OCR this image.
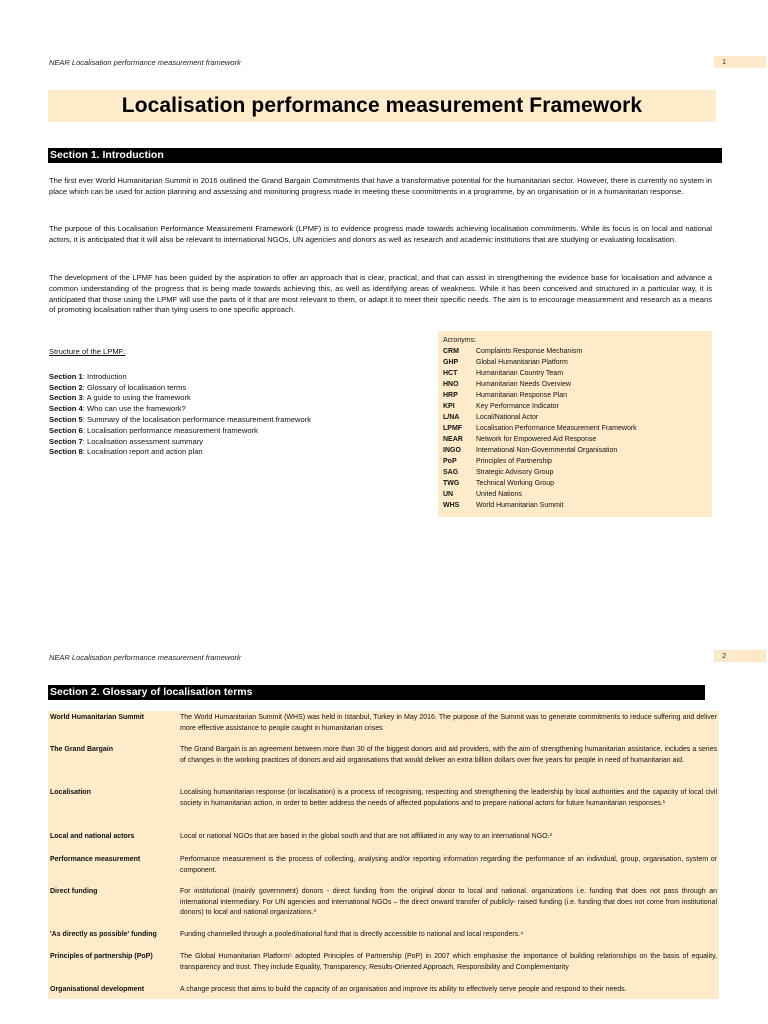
NEAR Localisation performance measurement framework	1
Localisation performance measurement Framework
Section 1. Introduction

The first ever World Humanitarian Summit in 2016 outlined the Grand Bargain Commitments that have a transformative potential for the humanitarian sector. However, there is currently no system in place which can be used for action planning and assessing and monitoring progress made in meeting these commitments in a programme, by an organisation or in a humanitarian response.

The purpose of this Localisation Performance Measurement Framework (LPMF) is to evidence progress made towards achieving localisation commitments. While its focus is on local and national actors, it is anticipated that it will also be relevant to international NGOs, UN agencies and donors as well as research and academic institutions that are studying or evaluating localisation.

The development of the LPMF has been guided by the aspiration to offer an approach that is clear, practical, and that can assist in strengthening the evidence base for localisation and advance a common understanding of the progress that is being made towards achieving this, as well as identifying areas of weakness. While it has been conceived and structured in a particular way, it is anticipated that those using the LPMF will use the parts of it that are most relevant to them, or adapt it to meet their specific needs. The aim is to encourage measurement and research as a means of promoting localisation rather than tying users to one specific approach.

Structure of the LPMF:
Section 1: Introduction
Section 2: Glossary of localisation terms
Section 3: A guide to using the framework
Section 4: Who can use the framework?
Section 5: Summary of the localisation performance measurement framework
Section 6: Localisation performance measurement framework
Section 7: Localisation assessment summary
Section 8: Localisation report and action plan
Acronyms:
CRM	Complaints Response Mechanism
GHP	Global Humanitarian Platform
HCT	Humanitarian Country Team
HNO	Humanitarian Needs Overview
HRP	Humanitarian Response Plan
KPI	Key Performance Indicator
L/NA	Local/National Actor
LPMF	Localisation Performance Measurement Framework
NEAR	Network for Empowered Aid Response
INGO	International Non-Governmental Organisation
PoP	Principles of Partnership
SAG	Strategic Advisory Group
TWG	Technical Working Group
UN	United Nations
WHS	World Humanitarian Summit
NEAR Localisation performance measurement framework	2
Section 2. Glossary of localisation terms
World Humanitarian Summit	The World Humanitarian Summit (WHS) was held in Istanbul, Turkey in May 2016. The purpose of the Summit was to generate commitments to reduce suffering and deliver more effective assistance to people caught in humanitarian crises
The Grand Bargain	The Grand Bargain is an agreement between more than 30 of the biggest donors and aid providers, with the aim of strengthening humanitarian assistance. includes a series of changes in the working practices of donors and aid organisations that would deliver an extra billion dollars over five years for people in need of humanitarian aid.
Localisation	Localising humanitarian response (or localisation) is a process of recognising, respecting and strengthening the leadership by local authorities and the capacity of local civil society in humanitarian action, in order to better address the needs of affected populations and to prepare national actors for future humanitarian responses.¹
Local and national actors	Local or national NGOs that are based in the global south and that are not affiliated in any way to an international NGO.²
Performance measurement	Performance measurement is the process of collecting, analysing and/or reporting information regarding the performance of an individual, group, organisation, system or component.
Direct funding	For institutional (mainly government) donors - direct funding from the original donor to local and national. organizations i.e. funding that does not pass through an international intermediary. For UN agencies and international NGOs – the direct onward transfer of publicly- raised funding (i.e. funding that does not come from institutional donors) to local and national organizations.³
'As directly as possible' funding	Funding channelled through a pooled/national fund that is directly accessible to national and local responders.⁴
Principles of partnership (PoP)	The Global Humanitarian Platform⁵ adopted Principles of Partnership (PoP) in 2007 which emphasise the importance of building relationships on the basis of equality, transparency and trust. They include Equality, Transparency, Results-Oriented Approach, Responsibility and Complementarity
Organisational development	A change process that aims to build the capacity of an organisation and improve its ability to effectively serve people and respond to their needs.
